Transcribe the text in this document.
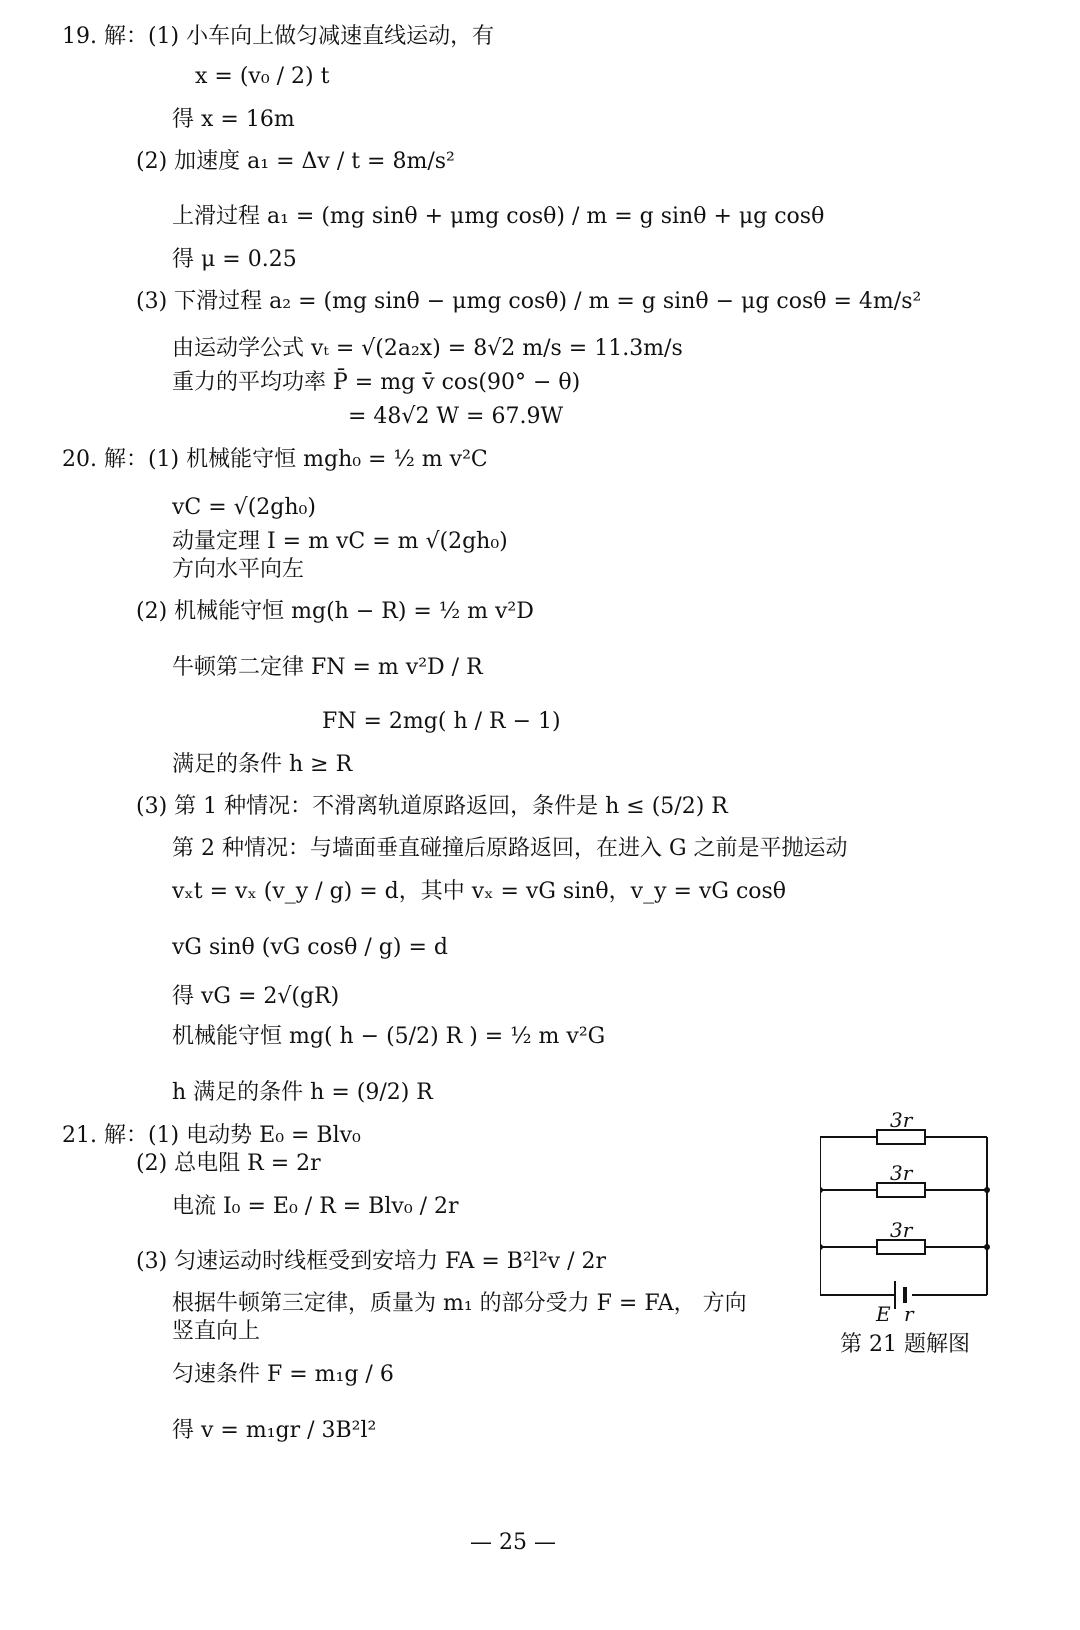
19. 解：(1) 小车向上做匀减速直线运动，有
x = (v₀ / 2) t
得 x = 16m
(2) 加速度 a₁ = Δv / t = 8m/s²
上滑过程 a₁ = (mg sinθ + μmg cosθ) / m = g sinθ + μg cosθ
得 μ = 0.25
(3) 下滑过程 a₂ = (mg sinθ − μmg cosθ) / m = g sinθ − μg cosθ = 4m/s²
由运动学公式 vₜ = √(2a₂x) = 8√2 m/s = 11.3m/s
重力的平均功率 P̄ = mg v̄ cos(90° − θ)
= 48√2 W = 67.9W
20. 解：(1) 机械能守恒 mgh₀ = ½ m v²C
vC = √(2gh₀)
动量定理 I = m vC = m √(2gh₀)
方向水平向左
(2) 机械能守恒 mg(h − R) = ½ m v²D
牛顿第二定律 FN = m v²D / R
FN = 2mg( h / R − 1)
满足的条件 h ≥ R
(3) 第 1 种情况：不滑离轨道原路返回，条件是 h ≤ (5/2) R
第 2 种情况：与墙面垂直碰撞后原路返回，在进入 G 之前是平抛运动
vₓt = vₓ (v_y / g) = d，其中 vₓ = vG sinθ，v_y = vG cosθ
vG sinθ (vG cosθ / g) = d
得 vG = 2√(gR)
机械能守恒 mg( h − (5/2) R ) = ½ m v²G
h 满足的条件 h = (9/2) R
21. 解：(1) 电动势 E₀ = Blv₀
(2) 总电阻 R = 2r
电流 I₀ = E₀ / R = Blv₀ / 2r
(3) 匀速运动时线框受到安培力 FA = B²l²v / 2r
根据牛顿第三定律，质量为 m₁ 的部分受力 F = FA， 方向
竖直向上
匀速条件 F = m₁g / 6
得 v = m₁gr / 3B²l²
3r
3r
3r
E r
第 21 题解图
— 25 —
